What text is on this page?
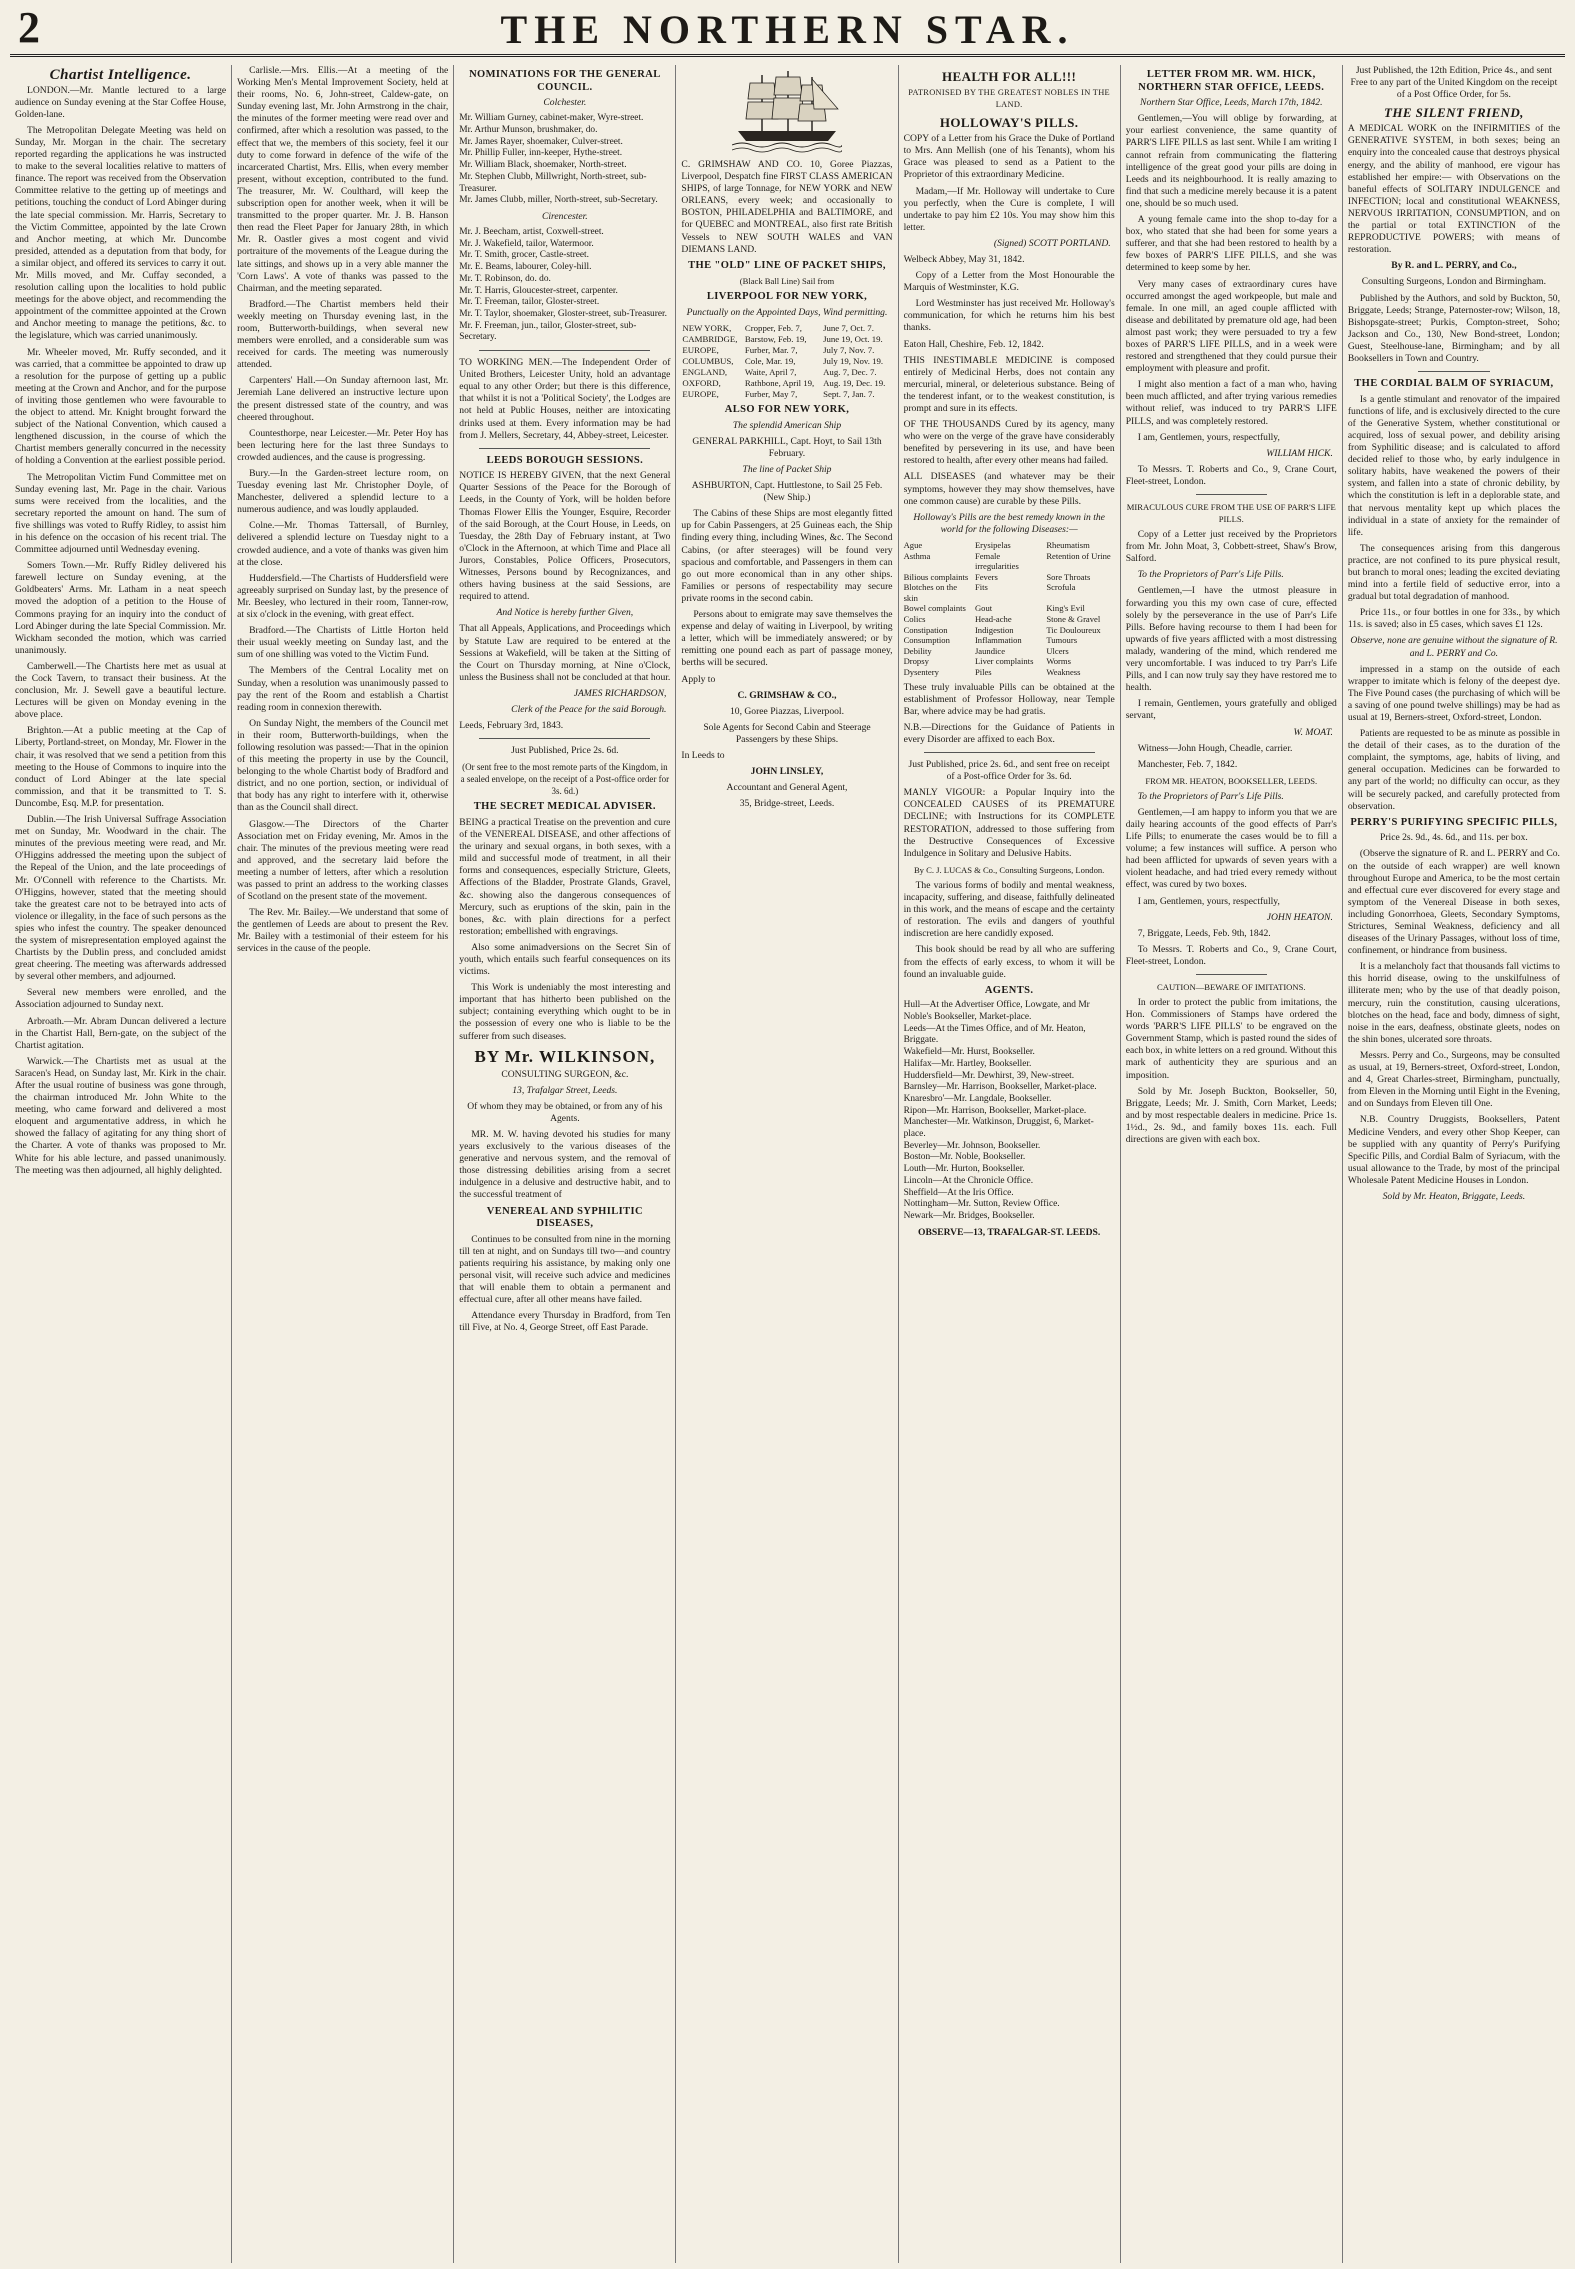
2	THE NORTHERN STAR.
Chartist Intelligence.

LONDON.—Mr. Mantle lectured to a large audience on Sunday evening at the Star Coffee House, Golden-lane.

The Metropolitan Delegate Meeting was held on Sunday, Mr. Morgan in the chair. The secretary reported regarding the applications he was instructed to make to the several localities relative to matters of finance. The report was received from the Observation Committee relative to the getting up of meetings and petitions, touching the conduct of Lord Abinger during the late special commission. Mr. Harris, Secretary to the Victim Committee, appointed by the late Crown and Anchor meeting, at which Mr. Duncombe presided, attended as a deputation from that body, for a similar object, and offered its services to carry it out. Mr. Mills moved, and Mr. Cuffay seconded, a resolution calling upon the localities to hold public meetings for the above object, and recommending the appointment of the committee appointed at the Crown and Anchor meeting to manage the petitions, &c. to the legislature, which was carried unanimously.

Mr. Wheeler moved, Mr. Ruffy seconded, and it was carried, that a committee be appointed to draw up a resolution for the purpose of getting up a public meeting at the Crown and Anchor, and for the purpose of inviting those gentlemen who were favourable to the object to attend. Mr. Knight brought forward the subject of the National Convention, which caused a lengthened discussion, in the course of which the Chartist members generally concurred in the necessity of holding a Convention at the earliest possible period.

The Metropolitan Victim Fund Committee met on Sunday evening last, Mr. Page in the chair. Various sums were received from the localities, and the secretary reported the amount on hand. The sum of five shillings was voted to Ruffy Ridley, to assist him in his defence on the occasion of his recent trial. The Committee adjourned until Wednesday evening.

Somers Town.—Mr. Ruffy Ridley delivered his farewell lecture on Sunday evening, at the Goldbeaters' Arms. Mr. Latham in a neat speech moved the adoption of a petition to the House of Commons praying for an inquiry into the conduct of Lord Abinger during the late Special Commission. Mr. Wickham seconded the motion, which was carried unanimously.

Camberwell.—The Chartists here met as usual at the Cock Tavern, to transact their business. At the conclusion, Mr. J. Sewell gave a beautiful lecture. Lectures will be given on Monday evening in the above place.

Brighton.—At a public meeting at the Cap of Liberty, Portland-street, on Monday, Mr. Flower in the chair, it was resolved that we send a petition from this meeting to the House of Commons to inquire into the conduct of Lord Abinger at the late special commission, and that it be transmitted to T. S. Duncombe, Esq. M.P. for presentation.

Dublin.—The Irish Universal Suffrage Association met on Sunday, Mr. Woodward in the chair. The minutes of the previous meeting were read, and Mr. O'Higgins addressed the meeting upon the subject of the Repeal of the Union, and the late proceedings of Mr. O'Connell with reference to the Chartists. Mr. O'Higgins, however, stated that the meeting should take the greatest care not to be betrayed into acts of violence or illegality, in the face of such persons as the spies who infest the country. The speaker denounced the system of misrepresentation employed against the Chartists by the Dublin press, and concluded amidst great cheering. The meeting was afterwards addressed by several other members, and adjourned.

Several new members were enrolled, and the Association adjourned to Sunday next.

Arbroath.—Mr. Abram Duncan delivered a lecture in the Chartist Hall, Bern-gate, on the subject of the Chartist agitation.

Warwick.—The Chartists met as usual at the Saracen's Head, on Sunday last, Mr. Kirk in the chair. After the usual routine of business was gone through, the chairman introduced Mr. John White to the meeting, who came forward and delivered a most eloquent and argumentative address, in which he showed the fallacy of agitating for any thing short of the Charter. A vote of thanks was proposed to Mr. White for his able lecture, and passed unanimously. The meeting was then adjourned, all highly delighted.

Carlisle.—Mrs. Ellis.—At a meeting of the Working Men's Mental Improvement Society, held at their rooms, No. 6, John-street, Caldew-gate, on Sunday evening last, Mr. John Armstrong in the chair, the minutes of the former meeting were read over and confirmed, after which a resolution was passed, to the effect that we, the members of this society, feel it our duty to come forward in defence of the wife of the incarcerated Chartist, Mrs. Ellis, when every member present, without exception, contributed to the fund. The treasurer, Mr. W. Coulthard, will keep the subscription open for another week, when it will be transmitted to the proper quarter. Mr. J. B. Hanson then read the Fleet Paper for January 28th, in which Mr. R. Oastler gives a most cogent and vivid portraiture of the movements of the League during the late sittings, and shows up in a very able manner the 'Corn Laws'. A vote of thanks was passed to the Chairman, and the meeting separated.

Bradford.—The Chartist members held their weekly meeting on Thursday evening last, in the room, Butterworth-buildings, when several new members were enrolled, and a considerable sum was received for cards. The meeting was numerously attended.

Carpenters' Hall.—On Sunday afternoon last, Mr. Jeremiah Lane delivered an instructive lecture upon the present distressed state of the country, and was cheered throughout.

Countesthorpe, near Leicester.—Mr. Peter Hoy has been lecturing here for the last three Sundays to crowded audiences, and the cause is progressing.

Bury.—In the Garden-street lecture room, on Tuesday evening last Mr. Christopher Doyle, of Manchester, delivered a splendid lecture to a numerous audience, and was loudly applauded.

Colne.—Mr. Thomas Tattersall, of Burnley, delivered a splendid lecture on Tuesday night to a crowded audience, and a vote of thanks was given him at the close.

Huddersfield.—The Chartists of Huddersfield were agreeably surprised on Sunday last, by the presence of Mr. Beesley, who lectured in their room, Tanner-row, at six o'clock in the evening, with great effect.

Bradford.—The Chartists of Little Horton held their usual weekly meeting on Sunday last, and the sum of one shilling was voted to the Victim Fund.

The Members of the Central Locality met on Sunday, when a resolution was unanimously passed to pay the rent of the Room and establish a Chartist reading room in connexion therewith.

On Sunday Night, the members of the Council met in their room, Butterworth-buildings, when the following resolution was passed:—That in the opinion of this meeting the property in use by the Council, belonging to the whole Chartist body of Bradford and district, and no one portion, section, or individual of that body has any right to interfere with it, otherwise than as the Council shall direct.

Glasgow.—The Directors of the Charter Association met on Friday evening, Mr. Amos in the chair. The minutes of the previous meeting were read and approved, and the secretary laid before the meeting a number of letters, after which a resolution was passed to print an address to the working classes of Scotland on the present state of the movement.

The Rev. Mr. Bailey.—We understand that some of the gentlemen of Leeds are about to present the Rev. Mr. Bailey with a testimonial of their esteem for his services in the cause of the people.

NOMINATIONS FOR THE GENERAL COUNCIL.

Colchester.

Mr. William Gurney, cabinet-maker, Wyre-street.
Mr. Arthur Munson, brushmaker, do.
Mr. James Rayer, shoemaker, Culver-street.
Mr. Phillip Fuller, inn-keeper, Hythe-street.
Mr. William Black, shoemaker, North-street.
Mr. Stephen Clubb, Millwright, North-street, sub-Treasurer.
Mr. James Clubb, miller, North-street, sub-Secretary.

Cirencester.

Mr. J. Beecham, artist, Coxwell-street.
Mr. J. Wakefield, tailor, Watermoor.
Mr. T. Smith, grocer, Castle-street.
Mr. E. Beams, labourer, Coley-hill.
Mr. T. Robinson, do. do.
Mr. T. Harris, Gloucester-street, carpenter.
Mr. T. Freeman, tailor, Gloster-street.
Mr. T. Taylor, shoemaker, Gloster-street, sub-Treasurer.
Mr. F. Freeman, jun., tailor, Gloster-street, sub-Secretary.

TO WORKING MEN.—The Independent Order of United Brothers, Leicester Unity, hold an advantage equal to any other Order; but there is this difference, that whilst it is not a 'Political Society', the Lodges are not held at Public Houses, neither are intoxicating drinks used at them. Every information may be had from J. Mellers, Secretary, 44, Abbey-street, Leicester.

LEEDS BOROUGH SESSIONS.

NOTICE IS HEREBY GIVEN, that the next General Quarter Sessions of the Peace for the Borough of Leeds, in the County of York, will be holden before Thomas Flower Ellis the Younger, Esquire, Recorder of the said Borough, at the Court House, in Leeds, on Tuesday, the 28th Day of February instant, at Two o'Clock in the Afternoon, at which Time and Place all Jurors, Constables, Police Officers, Prosecutors, Witnesses, Persons bound by Recognizances, and others having business at the said Sessions, are required to attend.

And Notice is hereby further Given,

That all Appeals, Applications, and Proceedings which by Statute Law are required to be entered at the Sessions at Wakefield, will be taken at the Sitting of the Court on Thursday morning, at Nine o'Clock, unless the Business shall not be concluded at that hour.

JAMES RICHARDSON,
Clerk of the Peace for the said Borough.

Leeds, February 3rd, 1843.

Just Published, Price 2s. 6d.

(Or sent free to the most remote parts of the Kingdom, in a sealed envelope, on the receipt of a Post-office order for 3s. 6d.)

THE SECRET MEDICAL ADVISER.

BEING a practical Treatise on the prevention and cure of the VENEREAL DISEASE, and other affections of the urinary and sexual organs, in both sexes, with a mild and successful mode of treatment, in all their forms and consequences, especially Stricture, Gleets, Affections of the Bladder, Prostrate Glands, Gravel, &c. showing also the dangerous consequences of Mercury, such as eruptions of the skin, pain in the bones, &c. with plain directions for a perfect restoration; embellished with engravings.

Also some animadversions on the Secret Sin of youth, which entails such fearful consequences on its victims.

This Work is undeniably the most interesting and important that has hitherto been published on the subject; containing everything which ought to be in the possession of every one who is liable to be the sufferer from such diseases.

BY Mr. WILKINSON,

CONSULTING SURGEON, &c.

13, Trafalgar Street, Leeds.

Of whom they may be obtained, or from any of his Agents.

MR. M. W. having devoted his studies for many years exclusively to the various diseases of the generative and nervous system, and the removal of those distressing debilities arising from a secret indulgence in a delusive and destructive habit, and to the successful treatment of

VENEREAL AND SYPHILITIC DISEASES,

Continues to be consulted from nine in the morning till ten at night, and on Sundays till two—and country patients requiring his assistance, by making only one personal visit, will receive such advice and medicines that will enable them to obtain a permanent and effectual cure, after all other means have failed.

Attendance every Thursday in Bradford, from Ten till Five, at No. 4, George Street, off East Parade.

C. GRIMSHAW AND CO. 10, Goree Piazzas, Liverpool, Despatch fine FIRST CLASS AMERICAN SHIPS, of large Tonnage, for NEW YORK and NEW ORLEANS, every week; and occasionally to BOSTON, PHILADELPHIA and BALTIMORE, and for QUEBEC and MONTREAL, also first rate British Vessels to NEW SOUTH WALES and VAN DIEMANS LAND.

THE "OLD" LINE OF PACKET SHIPS,

(Black Ball Line) Sail from

LIVERPOOL FOR NEW YORK,

Punctually on the Appointed Days, Wind permitting.

NEW YORK,	Cropper, Feb. 7,	June 7, Oct. 7.
CAMBRIDGE,	Barstow, Feb. 19,	June 19, Oct. 19.
EUROPE,	Furber, Mar. 7,	July 7, Nov. 7.
COLUMBUS,	Cole, Mar. 19,	July 19, Nov. 19.
ENGLAND,	Waite, April 7,	Aug. 7, Dec. 7.
OXFORD,	Rathbone, April 19,	Aug. 19, Dec. 19.
EUROPE,	Furber, May 7,	Sept. 7, Jan. 7.
ALSO FOR NEW YORK,

The splendid American Ship

GENERAL PARKHILL, Capt. Hoyt, to Sail 13th February.

The line of Packet Ship

ASHBURTON, Capt. Huttlestone, to Sail 25 Feb. (New Ship.)

The Cabins of these Ships are most elegantly fitted up for Cabin Passengers, at 25 Guineas each, the Ship finding every thing, including Wines, &c. The Second Cabins, (or after steerages) will be found very spacious and comfortable, and Passengers in them can go out more economical than in any other ships. Families or persons of respectability may secure private rooms in the second cabin.

Persons about to emigrate may save themselves the expense and delay of waiting in Liverpool, by writing a letter, which will be immediately answered; or by remitting one pound each as part of passage money, berths will be secured.

Apply to

C. GRIMSHAW & CO.,

10, Goree Piazzas, Liverpool.

Sole Agents for Second Cabin and Steerage Passengers by these Ships.

In Leeds to

JOHN LINSLEY,

Accountant and General Agent,

35, Bridge-street, Leeds.

HEALTH FOR ALL!!!

PATRONISED BY THE GREATEST NOBLES IN THE LAND.

HOLLOWAY'S PILLS.

COPY of a Letter from his Grace the Duke of Portland to Mrs. Ann Mellish (one of his Tenants), whom his Grace was pleased to send as a Patient to the Proprietor of this extraordinary Medicine.

Madam,—If Mr. Holloway will undertake to Cure you perfectly, when the Cure is complete, I will undertake to pay him £2 10s. You may show him this letter.

(Signed) SCOTT PORTLAND.

Welbeck Abbey, May 31, 1842.

Copy of a Letter from the Most Honourable the Marquis of Westminster, K.G.

Lord Westminster has just received Mr. Holloway's communication, for which he returns him his best thanks.

Eaton Hall, Cheshire, Feb. 12, 1842.

THIS INESTIMABLE MEDICINE is composed entirely of Medicinal Herbs, does not contain any mercurial, mineral, or deleterious substance. Being of the tenderest infant, or to the weakest constitution, is prompt and sure in its effects.

OF THE THOUSANDS Cured by its agency, many who were on the verge of the grave have considerably benefited by persevering in its use, and have been restored to health, after every other means had failed.

ALL DISEASES (and whatever may be their symptoms, however they may show themselves, have one common cause) are curable by these Pills.

Holloway's Pills are the best remedy known in the world for the following Diseases:—

Ague	Erysipelas	Rheumatism
Asthma	Female irregularities
Retention of Urine
Bilious complaints Fevers	Sore Throats
Blotches on the skin
Fits	Scrofula
Bowel complaints	Gout	King's Evil
Colics	Head-ache	Stone & Gravel
Constipation	Indigestion	Tic Douloureux
Consumption	Inflammation	Tumours
Debility	Jaundice	Ulcers
Dropsy	Liver complaints	Worms
Dysentery	Piles	Weakness

These truly invaluable Pills can be obtained at the establishment of Professor Holloway, near Temple Bar, where advice may be had gratis.

N.B.—Directions for the Guidance of Patients in every Disorder are affixed to each Box.

Just Published, price 2s. 6d., and sent free on receipt of a Post-office Order for 3s. 6d.

MANLY VIGOUR: a Popular Inquiry into the CONCEALED CAUSES of its PREMATURE DECLINE; with Instructions for its COMPLETE RESTORATION, addressed to those suffering from the Destructive Consequences of Excessive Indulgence in Solitary and Delusive Habits.

By C. J. LUCAS & Co., Consulting Surgeons, London.

The various forms of bodily and mental weakness, incapacity, suffering, and disease, faithfully delineated in this work, and the means of escape and the certainty of restoration. The evils and dangers of youthful indiscretion are here candidly exposed.

This book should be read by all who are suffering from the effects of early excess, to whom it will be found an invaluable guide.

AGENTS.
Hull—At the Advertiser Office, Lowgate, and Mr Noble's Bookseller, Market-place.
Leeds—At the Times Office, and of Mr. Heaton, Briggate.
Wakefield—Mr. Hurst, Bookseller.
Halifax—Mr. Hartley, Bookseller.
Huddersfield—Mr. Dewhirst, 39, New-street.
Barnsley—Mr. Harrison, Bookseller, Market-place.
Knaresbro'—Mr. Langdale, Bookseller.
Ripon—Mr. Harrison, Bookseller, Market-place.
Manchester—Mr. Watkinson, Druggist, 6, Market-place.
Beverley—Mr. Johnson, Bookseller.
Boston—Mr. Noble, Bookseller.
Louth—Mr. Hurton, Bookseller.
Lincoln—At the Chronicle Office.
Sheffield—At the Iris Office.
Nottingham—Mr. Sutton, Review Office.
Newark—Mr. Bridges, Bookseller.

OBSERVE—13, TRAFALGAR-ST. LEEDS.

LETTER FROM MR. WM. HICK, NORTHERN STAR OFFICE, LEEDS.

Northern Star Office, Leeds, March 17th, 1842.

Gentlemen,—You will oblige by forwarding, at your earliest convenience, the same quantity of PARR'S LIFE PILLS as last sent. While I am writing I cannot refrain from communicating the flattering intelligence of the great good your pills are doing in Leeds and its neighbourhood. It is really amazing to find that such a medicine merely because it is a patent one, should be so much used.

A young female came into the shop to-day for a box, who stated that she had been for some years a sufferer, and that she had been restored to health by a few boxes of PARR'S LIFE PILLS, and she was determined to keep some by her.

Very many cases of extraordinary cures have occurred amongst the aged workpeople, but male and female. In one mill, an aged couple afflicted with disease and debilitated by premature old age, had been almost past work; they were persuaded to try a few boxes of PARR'S LIFE PILLS, and in a week were restored and strengthened that they could pursue their employment with pleasure and profit.

I might also mention a fact of a man who, having been much afflicted, and after trying various remedies without relief, was induced to try PARR'S LIFE PILLS, and was completely restored.

I am, Gentlemen, yours, respectfully,

WILLIAM HICK.

To Messrs. T. Roberts and Co., 9, Crane Court, Fleet-street, London.

MIRACULOUS CURE FROM THE USE OF PARR'S LIFE PILLS.

Copy of a Letter just received by the Proprietors from Mr. John Moat, 3, Cobbett-street, Shaw's Brow, Salford.

To the Proprietors of Parr's Life Pills.

Gentlemen,—I have the utmost pleasure in forwarding you this my own case of cure, effected solely by the perseverance in the use of Parr's Life Pills. Before having recourse to them I had been for upwards of five years afflicted with a most distressing malady, wandering of the mind, which rendered me very uncomfortable. I was induced to try Parr's Life Pills, and I can now truly say they have restored me to health.

I remain, Gentlemen, yours gratefully and obliged servant,

W. MOAT.

Witness—John Hough, Cheadle, carrier.

Manchester, Feb. 7, 1842.

FROM MR. HEATON, BOOKSELLER, LEEDS.

To the Proprietors of Parr's Life Pills.

Gentlemen,—I am happy to inform you that we are daily hearing accounts of the good effects of Parr's Life Pills; to enumerate the cases would be to fill a volume; a few instances will suffice. A person who had been afflicted for upwards of seven years with a violent headache, and had tried every remedy without effect, was cured by two boxes.

I am, Gentlemen, yours, respectfully,

JOHN HEATON.

7, Briggate, Leeds, Feb. 9th, 1842.

To Messrs. T. Roberts and Co., 9, Crane Court, Fleet-street, London.

CAUTION—BEWARE OF IMITATIONS.

In order to protect the public from imitations, the Hon. Commissioners of Stamps have ordered the words 'PARR'S LIFE PILLS' to be engraved on the Government Stamp, which is pasted round the sides of each box, in white letters on a red ground. Without this mark of authenticity they are spurious and an imposition.

Sold by Mr. Joseph Buckton, Bookseller, 50, Briggate, Leeds; Mr. J. Smith, Corn Market, Leeds; and by most respectable dealers in medicine. Price 1s. 1½d., 2s. 9d., and family boxes 11s. each. Full directions are given with each box.

Just Published, the 12th Edition, Price 4s., and sent Free to any part of the United Kingdom on the receipt of a Post Office Order, for 5s.

THE SILENT FRIEND,

A MEDICAL WORK on the INFIRMITIES of the GENERATIVE SYSTEM, in both sexes; being an enquiry into the concealed cause that destroys physical energy, and the ability of manhood, ere vigour has established her empire:— with Observations on the baneful effects of SOLITARY INDULGENCE and INFECTION; local and constitutional WEAKNESS, NERVOUS IRRITATION, CONSUMPTION, and on the partial or total EXTINCTION of the REPRODUCTIVE POWERS; with means of restoration.

By R. and L. PERRY, and Co.,

Consulting Surgeons, London and Birmingham.

Published by the Authors, and sold by Buckton, 50, Briggate, Leeds; Strange, Paternoster-row; Wilson, 18, Bishopsgate-street; Purkis, Compton-street, Soho; Jackson and Co., 130, New Bond-street, London; Guest, Steelhouse-lane, Birmingham; and by all Booksellers in Town and Country.

THE CORDIAL BALM OF SYRIACUM,

Is a gentle stimulant and renovator of the impaired functions of life, and is exclusively directed to the cure of the Generative System, whether constitutional or acquired, loss of sexual power, and debility arising from Syphilitic disease; and is calculated to afford decided relief to those who, by early indulgence in solitary habits, have weakened the powers of their system, and fallen into a state of chronic debility, by which the constitution is left in a deplorable state, and that nervous mentality kept up which places the individual in a state of anxiety for the remainder of life.

The consequences arising from this dangerous practice, are not confined to its pure physical result, but branch to moral ones; leading the excited deviating mind into a fertile field of seductive error, into a gradual but total degradation of manhood.

Price 11s., or four bottles in one for 33s., by which 11s. is saved; also in £5 cases, which saves £1 12s.

Observe, none are genuine without the signature of R. and L. PERRY and Co.

impressed in a stamp on the outside of each wrapper to imitate which is felony of the deepest dye. The Five Pound cases (the purchasing of which will be a saving of one pound twelve shillings) may be had as usual at 19, Berners-street, Oxford-street, London.

Patients are requested to be as minute as possible in the detail of their cases, as to the duration of the complaint, the symptoms, age, habits of living, and general occupation. Medicines can be forwarded to any part of the world; no difficulty can occur, as they will be securely packed, and carefully protected from observation.

PERRY'S PURIFYING SPECIFIC PILLS,

Price 2s. 9d., 4s. 6d., and 11s. per box.

(Observe the signature of R. and L. PERRY and Co. on the outside of each wrapper) are well known throughout Europe and America, to be the most certain and effectual cure ever discovered for every stage and symptom of the Venereal Disease in both sexes, including Gonorrhoea, Gleets, Secondary Symptoms, Strictures, Seminal Weakness, deficiency and all diseases of the Urinary Passages, without loss of time, confinement, or hindrance from business.

It is a melancholy fact that thousands fall victims to this horrid disease, owing to the unskilfulness of illiterate men; who by the use of that deadly poison, mercury, ruin the constitution, causing ulcerations, blotches on the head, face and body, dimness of sight, noise in the ears, deafness, obstinate gleets, nodes on the shin bones, ulcerated sore throats.

Messrs. Perry and Co., Surgeons, may be consulted as usual, at 19, Berners-street, Oxford-street, London, and 4, Great Charles-street, Birmingham, punctually, from Eleven in the Morning until Eight in the Evening, and on Sundays from Eleven till One.

N.B. Country Druggists, Booksellers, Patent Medicine Venders, and every other Shop Keeper, can be supplied with any quantity of Perry's Purifying Specific Pills, and Cordial Balm of Syriacum, with the usual allowance to the Trade, by most of the principal Wholesale Patent Medicine Houses in London.

Sold by Mr. Heaton, Briggate, Leeds.
